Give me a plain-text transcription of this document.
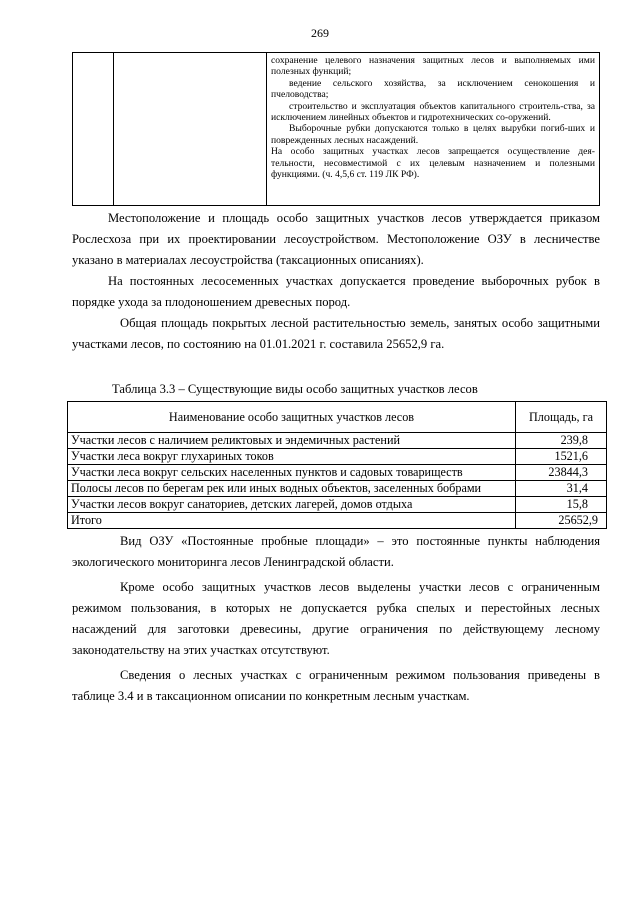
269

сохранение целевого назначения защитных лесов и выполняемых ими полезных функций;

ведение сельского хозяйства, за исключением сенокошения и пчеловодства;

строительство и эксплуатация объектов капитального строитель-ства, за исключением линейных объектов и гидротехнических со-оружений.

Выборочные рубки допускаются только в целях вырубки погиб-ших и поврежденных лесных насаждений.

На особо защитных участках лесов запрещается осуществление дея-тельности, несовместимой с их целевым назначением и полезными функциями. (ч. 4,5,6 ст. 119 ЛК РФ).

Местоположение и площадь особо защитных участков лесов утверждается приказом Рослесхоза при их проектировании лесоустройством. Местоположение ОЗУ в лесничестве указано в материалах лесоустройства (таксационных описаниях).

На постоянных лесосеменных участках допускается проведение выборочных рубок в порядке ухода за плодоношением древесных пород.

Общая площадь покрытых лесной растительностью земель, занятых особо защитными участками лесов, по состоянию на 01.01.2021 г. составила 25652,9 га.

Таблица 3.3 – Существующие виды особо защитных участков лесов
Наименование особо защитных участков лесов	Площадь, га
Участки лесов с наличием реликтовых и эндемичных растений	239,8
Участки леса вокруг глухариных токов	1521,6
Участки леса вокруг сельских населенных пунктов и садовых товариществ	23844,3
Полосы лесов по берегам рек или иных водных объектов, заселенных бобрами	31,4
Участки лесов вокруг санаториев, детских лагерей, домов отдыха	15,8
Итого	25652,9

Вид ОЗУ «Постоянные пробные площади» – это постоянные пункты наблюдения экологического мониторинга лесов Ленинградской области.

Кроме особо защитных участков лесов выделены участки лесов с ограниченным режимом пользования, в которых не допускается рубка спелых и перестойных лесных насаждений для заготовки древесины, другие ограничения по действующему лесному законодательству на этих участках отсутствуют.

Сведения о лесных участках с ограниченным режимом пользования приведены в таблице 3.4 и в таксационном описании по конкретным лесным участкам.
